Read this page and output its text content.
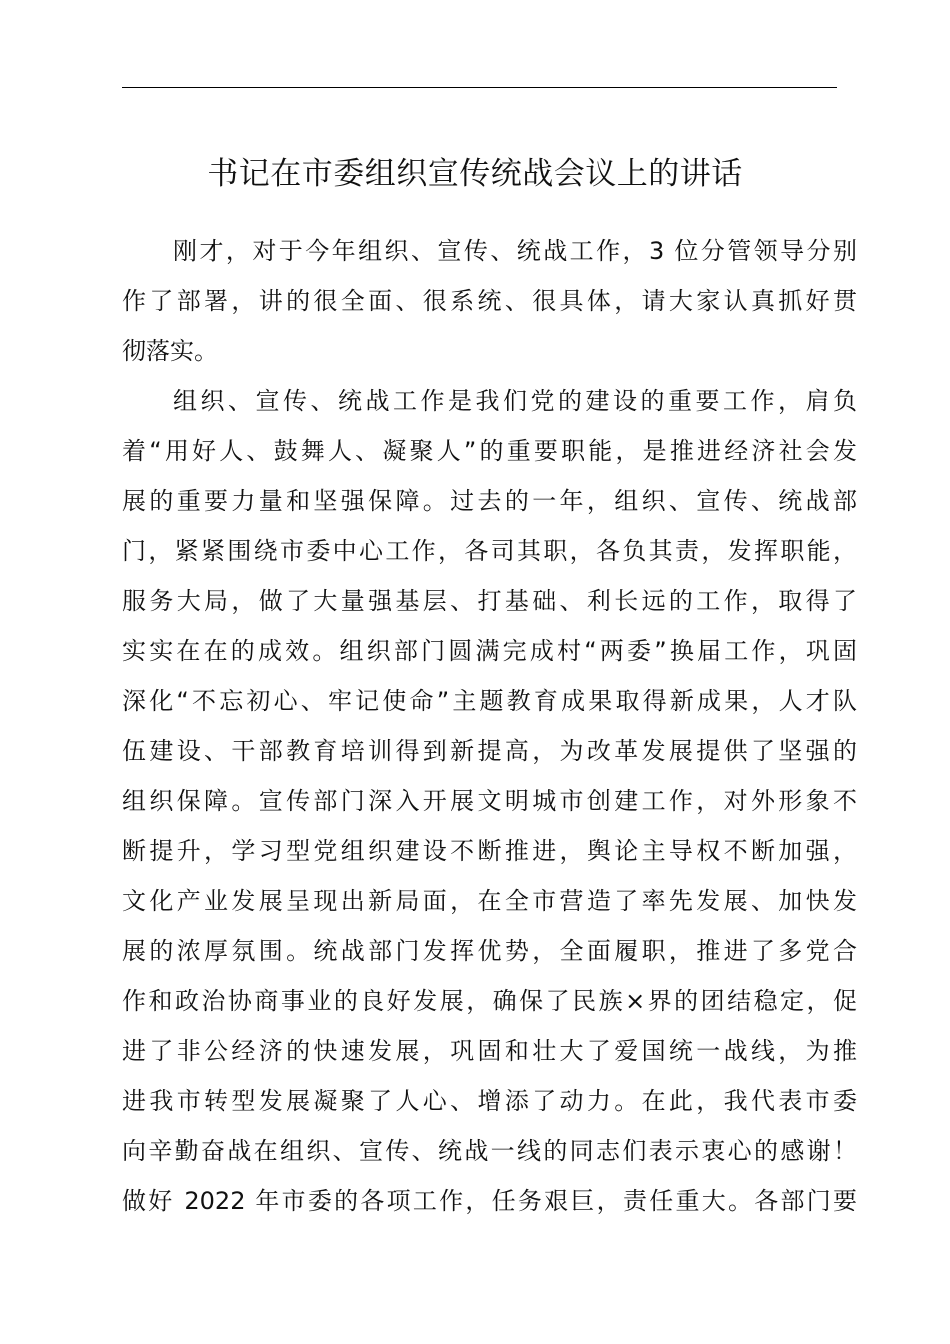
书记在市委组织宣传统战会议上的讲话
刚才，对于今年组织、宣传、统战工作，3 位分管领导分别
作了部署，讲的很全面、很系统、很具体，请大家认真抓好贯
彻落实。
组织、宣传、统战工作是我们党的建设的重要工作，肩负
着“用好人、鼓舞人、凝聚人”的重要职能，是推进经济社会发
展的重要力量和坚强保障。过去的一年，组织、宣传、统战部
门，紧紧围绕市委中心工作，各司其职，各负其责，发挥职能，
服务大局，做了大量强基层、打基础、利长远的工作，取得了
实实在在的成效。组织部门圆满完成村“两委”换届工作，巩固
深化“不忘初心、牢记使命”主题教育成果取得新成果，人才队
伍建设、干部教育培训得到新提高，为改革发展提供了坚强的
组织保障。宣传部门深入开展文明城市创建工作，对外形象不
断提升，学习型党组织建设不断推进，舆论主导权不断加强，
文化产业发展呈现出新局面，在全市营造了率先发展、加快发
展的浓厚氛围。统战部门发挥优势，全面履职，推进了多党合
作和政治协商事业的良好发展，确保了民族×界的团结稳定，促
进了非公经济的快速发展，巩固和壮大了爱国统一战线，为推
进我市转型发展凝聚了人心、增添了动力。在此，我代表市委
向辛勤奋战在组织、宣传、统战一线的同志们表示衷心的感谢！
做好 2022 年市委的各项工作，任务艰巨，责任重大。各部门要
